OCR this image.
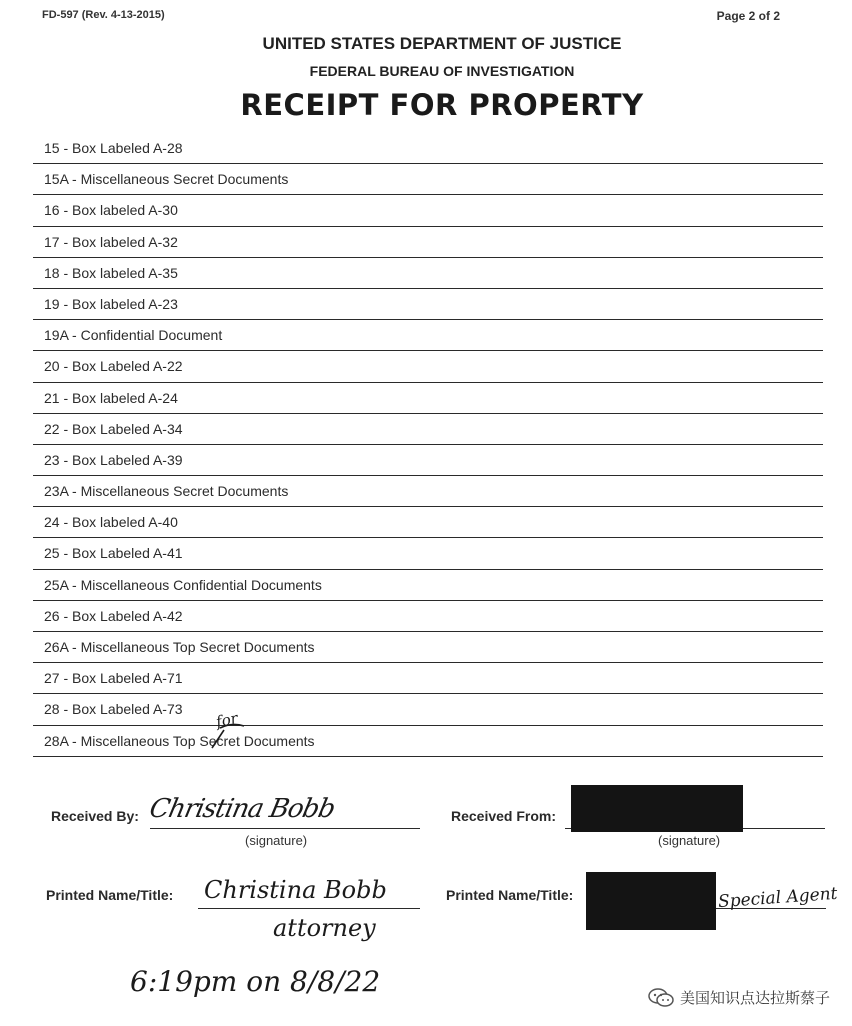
FD-597 (Rev. 4-13-2015)	Page 2 of 2
UNITED STATES DEPARTMENT OF JUSTICE
FEDERAL BUREAU OF INVESTIGATION
RECEIPT FOR PROPERTY
15 - Box Labeled A-28
15A - Miscellaneous Secret Documents
16 - Box labeled A-30
17 - Box labeled A-32
18 - Box labeled A-35
19 - Box labeled A-23
19A - Confidential Document
20 - Box Labeled A-22
21 - Box labeled A-24
22 - Box Labeled A-34
23 - Box Labeled A-39
23A - Miscellaneous Secret Documents
24 - Box labeled A-40
25 - Box Labeled A-41
25A - Miscellaneous Confidential Documents
26 - Box Labeled A-42
26A - Miscellaneous Top Secret Documents
27 - Box Labeled A-71
28 - Box Labeled A-73
28A - Miscellaneous Top Secret Documents
for
Received By: Christina Bobb
(signature)
Received From:
(signature)
Printed Name/Title: Christina Bobb
attorney
Printed Name/Title:	Special Agent
6:19pm on 8/8/22	美国知识点达拉斯蔡子
